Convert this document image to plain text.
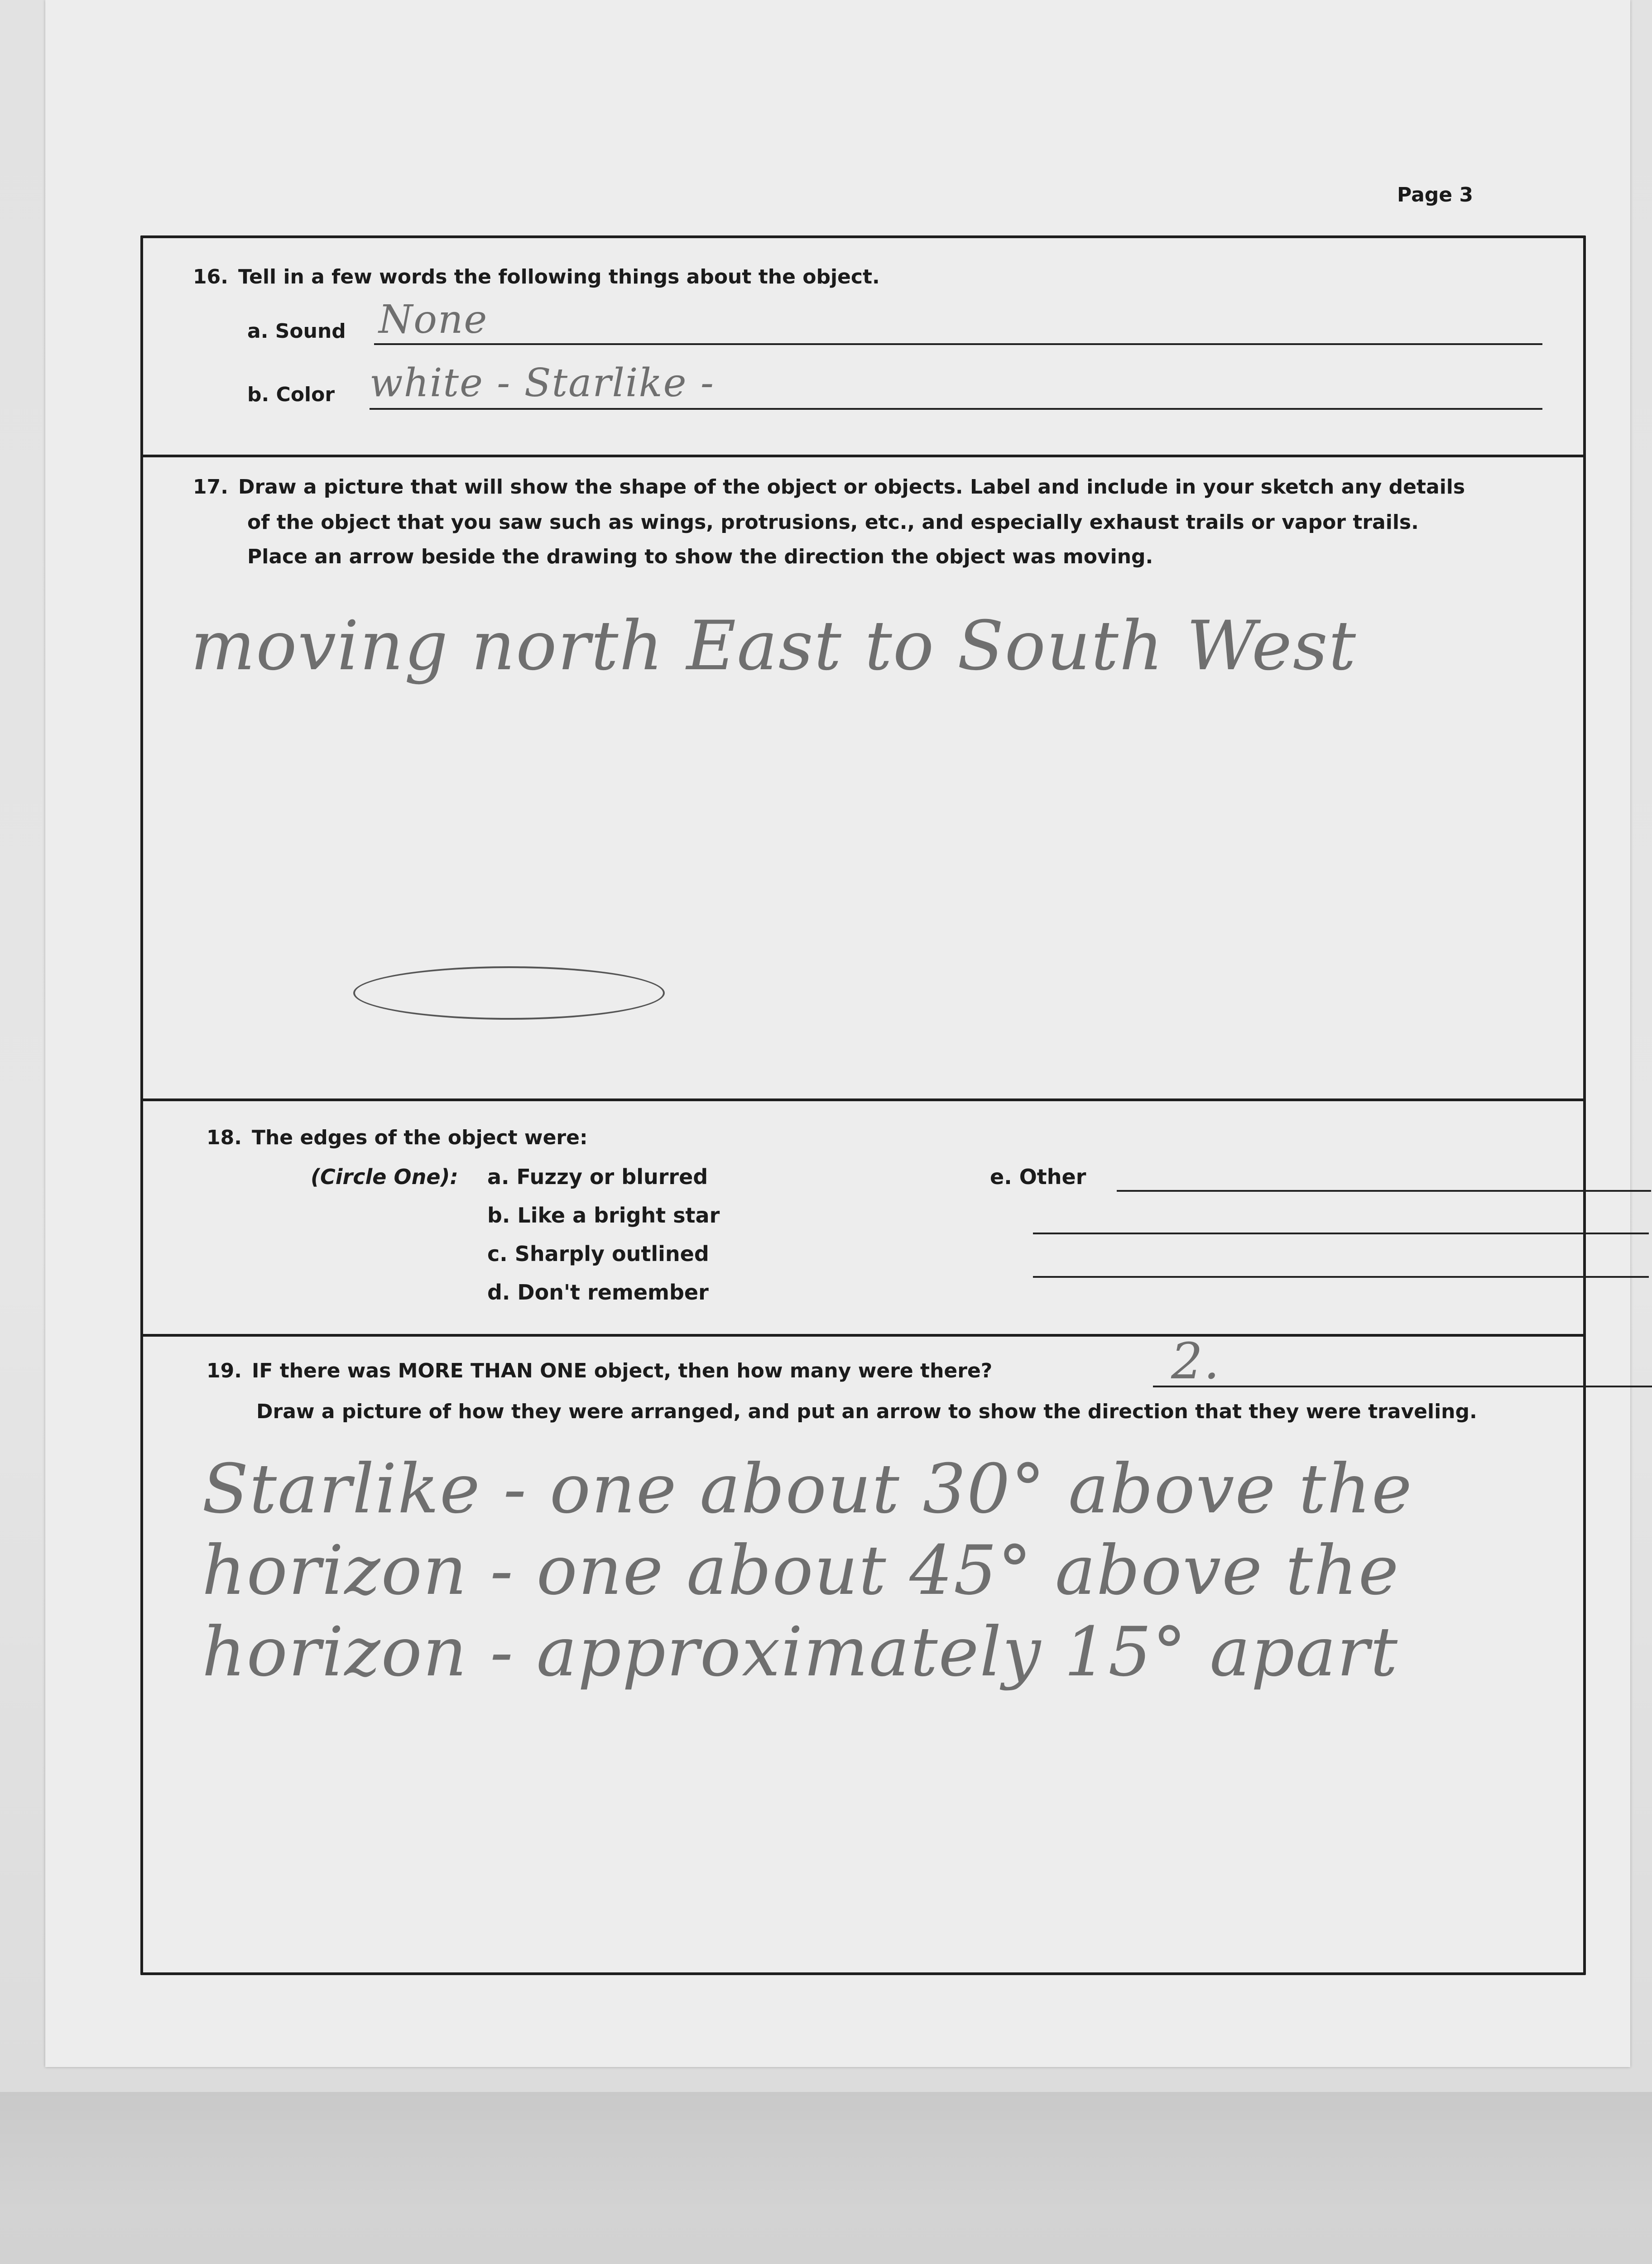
Page 3
16. Tell in a few words the following things about the object.
a. Sound None
b. Color white - Starlike -
17. Draw a picture that will show the shape of the object or objects. Label and include in your sketch any details
of the object that you saw such as wings, protrusions, etc., and especially exhaust trails or vapor trails.
Place an arrow beside the drawing to show the direction the object was moving.
moving north East to South West
18. The edges of the object were:
(Circle One): a. Fuzzy or blurred
b. Like a bright star
c. Sharply outlined
d. Don't remember
e. Other
19. IF there was MORE THAN ONE object, then how many were there?	2.
Draw a picture of how they were arranged, and put an arrow to show the direction that they were traveling.
Starlike - one about 30° above the
horizon - one about 45° above the
horizon - approximately 15° apart
